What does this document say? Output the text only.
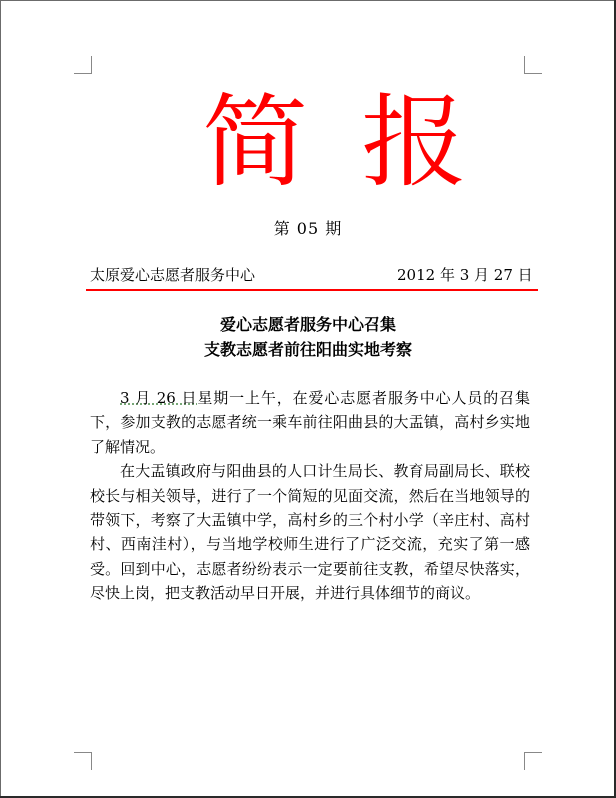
简报
第 05 期
太原爱心志愿者服务中心	2012 年 3 月 27 日
爱心志愿者服务中心召集
支教志愿者前往阳曲实地考察

3 月 26 日星期一上午，在爱心志愿者服务中心人员的召集下，参加支教的志愿者统一乘车前往阳曲县的大盂镇，高村乡实地了解情况。

在大盂镇政府与阳曲县的人口计生局长、教育局副局长、联校校长与相关领导，进行了一个简短的见面交流，然后在当地领导的带领下，考察了大盂镇中学，高村乡的三个村小学（辛庄村、高村村、西南洼村），与当地学校师生进行了广泛交流，充实了第一感受。回到中心，志愿者纷纷表示一定要前往支教，希望尽快落实，尽快上岗，把支教活动早日开展，并进行具体细节的商议。
